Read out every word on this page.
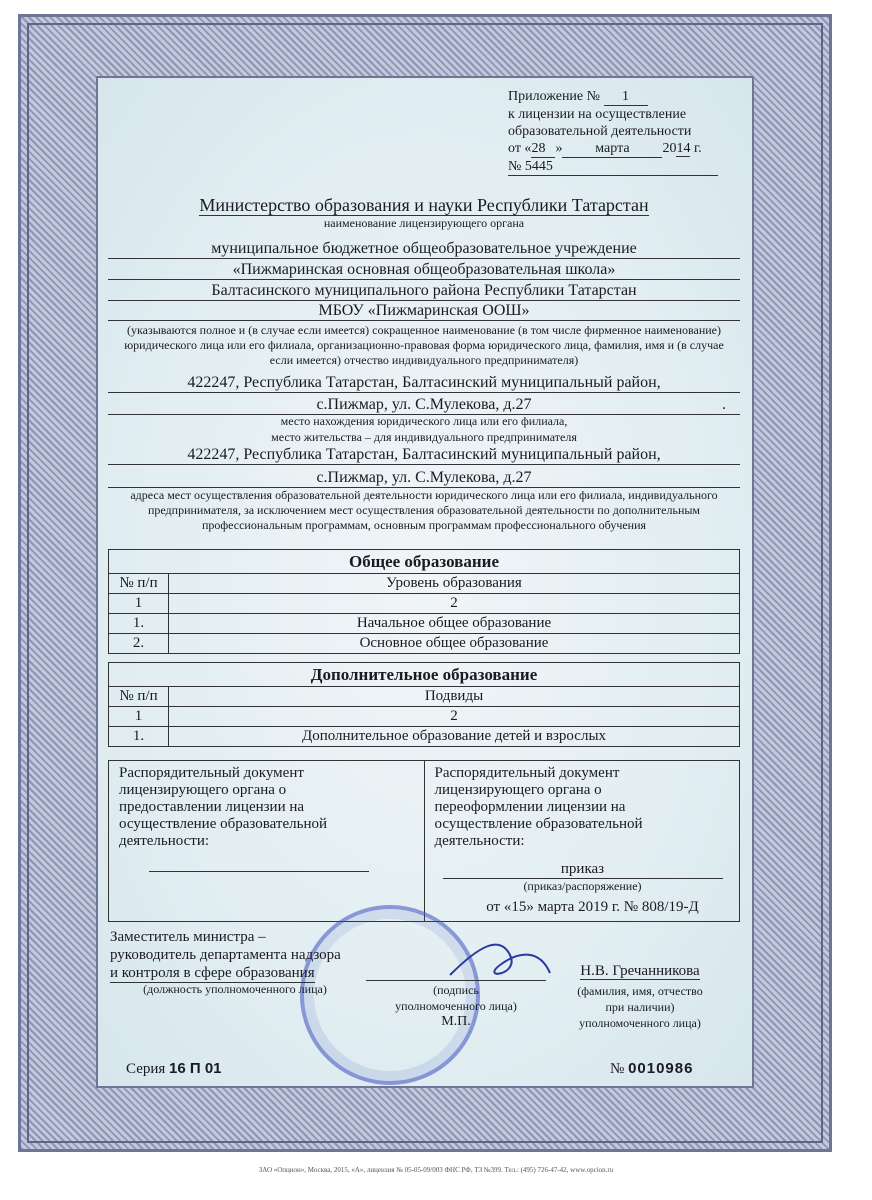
Приложение № 1
к лицензии на осуществление
образовательной деятельности
от «28 » марта 2014 г.
№ 5445
Министерство образования и науки Республики Татарстан
наименование лицензирующего органа
муниципальное бюджетное общеобразовательное учреждение
«Пижмаринская основная общеобразовательная школа»
Балтасинского муниципального района Республики Татарстан
МБОУ «Пижмаринская ООШ»
(указываются полное и (в случае если имеется) сокращенное наименование (в том числе фирменное наименование) юридического лица или его филиала, организационно-правовая форма юридического лица, фамилия, имя и (в случае если имеется) отчество индивидуального предпринимателя)
422247, Республика Татарстан, Балтасинский муниципальный район,
с.Пижмар, ул. С.Мулекова, д.27	.
место нахождения юридического лица или его филиала,
место жительства – для индивидуального предпринимателя
422247, Республика Татарстан, Балтасинский муниципальный район,
с.Пижмар, ул. С.Мулекова, д.27
адреса мест осуществления образовательной деятельности юридического лица или его филиала, индивидуального предпринимателя, за исключением мест осуществления образовательной деятельности по дополнительным профессиональным программам, основным программам профессионального обучения
Общее образование	
№ п/п	Уровень образования
1	2
1.	Начальное общее образование
2.	Основное общее образование
Дополнительное образование	
№ п/п	Подвиды
1	2
1.	Дополнительное образование детей и взрослых
Распорядительный документ лицензирующего органа о предоставлении лицензии на осуществление образовательной деятельности:
Распорядительный документ лицензирующего органа о переоформлении лицензии на осуществление образовательной деятельности:
приказ
(приказ/распоряжение)
от «15» марта 2019 г. № 808/19-Д
Заместитель министра –
руководитель департамента надзора
и контроля в сфере образования
(должность уполномоченного лица)	(подпись
уполномоченного лица)
М.П.
Н.В. Гречанникова
(фамилия, имя, отчество
при наличии)
уполномоченного лица)
Серия 16 П 01	№ 0010986
ЗАО «Опцион», Москва, 2015, «А», лицензия № 05-05-09/003 ФНС РФ, ТЗ №399. Тел.: (495) 726-47-42, www.opcion.ru
